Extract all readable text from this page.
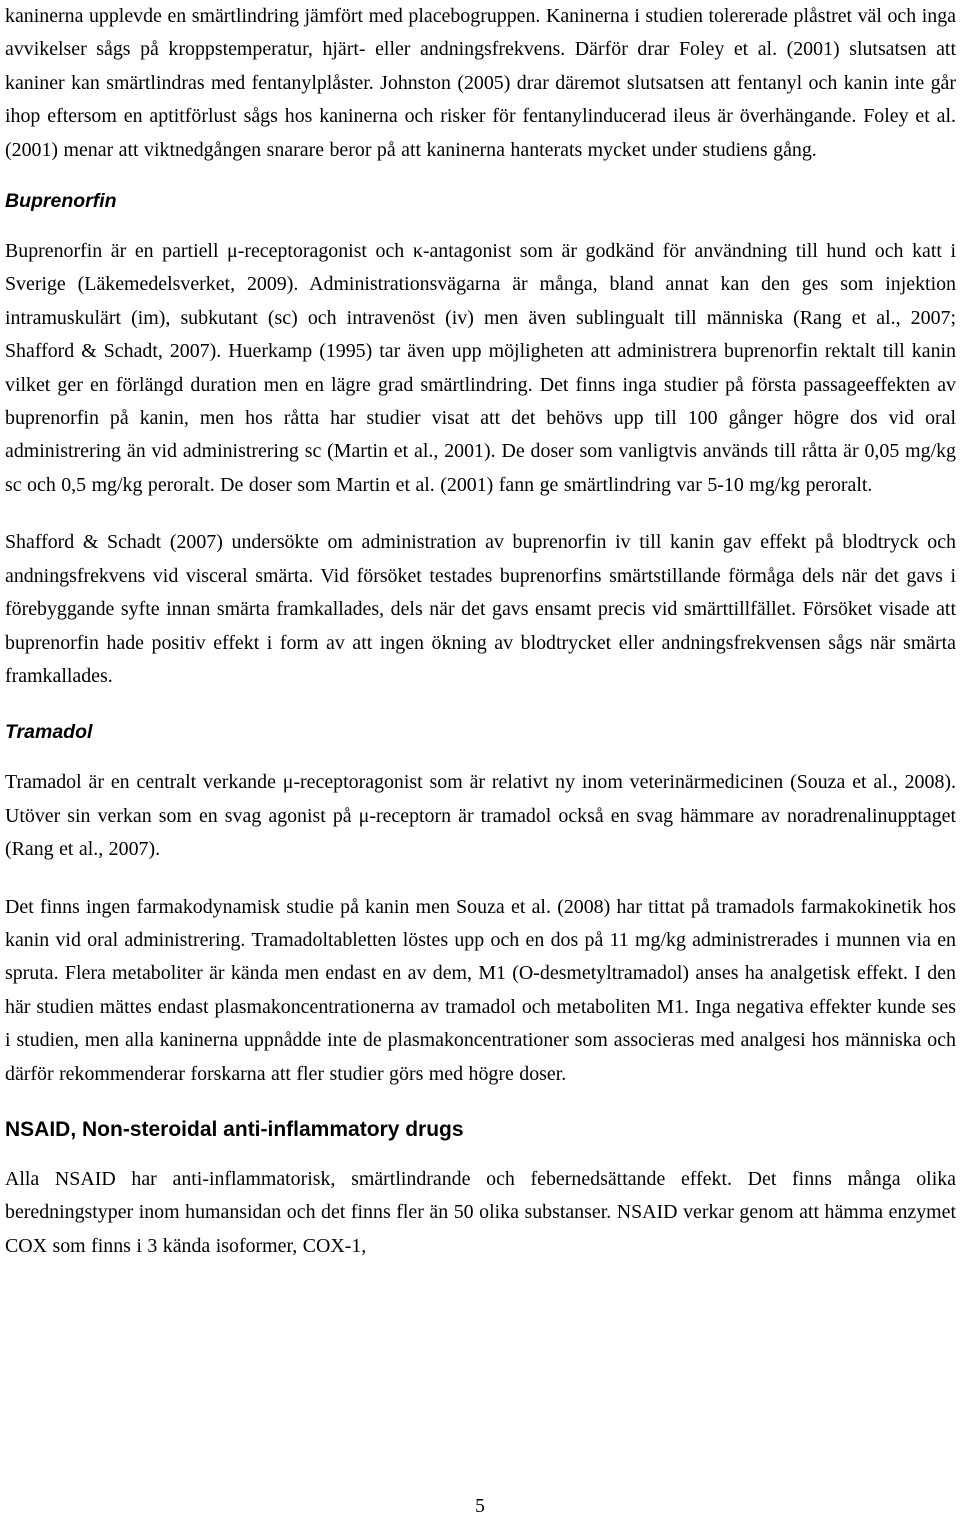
kaninerna upplevde en smärtlindring jämfört med placebogruppen. Kaninerna i studien tolererade plåstret väl och inga avvikelser sågs på kroppstemperatur, hjärt- eller andningsfrekvens. Därför drar Foley et al. (2001) slutsatsen att kaniner kan smärtlindras med fentanylplåster. Johnston (2005) drar däremot slutsatsen att fentanyl och kanin inte går ihop eftersom en aptitförlust sågs hos kaninerna och risker för fentanylinducerad ileus är överhängande. Foley et al. (2001) menar att viktnedgången snarare beror på att kaninerna hanterats mycket under studiens gång.

Buprenorfin

Buprenorfin är en partiell μ-receptoragonist och κ-antagonist som är godkänd för användning till hund och katt i Sverige (Läkemedelsverket, 2009). Administrationsvägarna är många, bland annat kan den ges som injektion intramuskulärt (im), subkutant (sc) och intravenöst (iv) men även sublingualt till människa (Rang et al., 2007; Shafford & Schadt, 2007). Huerkamp (1995) tar även upp möjligheten att administrera buprenorfin rektalt till kanin vilket ger en förlängd duration men en lägre grad smärtlindring. Det finns inga studier på första passageeffekten av buprenorfin på kanin, men hos råtta har studier visat att det behövs upp till 100 gånger högre dos vid oral administrering än vid administrering sc (Martin et al., 2001). De doser som vanligtvis används till råtta är 0,05 mg/kg sc och 0,5 mg/kg peroralt. De doser som Martin et al. (2001) fann ge smärtlindring var 5-10 mg/kg peroralt.

Shafford & Schadt (2007) undersökte om administration av buprenorfin iv till kanin gav effekt på blodtryck och andningsfrekvens vid visceral smärta. Vid försöket testades buprenorfins smärtstillande förmåga dels när det gavs i förebyggande syfte innan smärta framkallades, dels när det gavs ensamt precis vid smärttillfället. Försöket visade att buprenorfin hade positiv effekt i form av att ingen ökning av blodtrycket eller andningsfrekvensen sågs när smärta framkallades.

Tramadol

Tramadol är en centralt verkande μ-receptoragonist som är relativt ny inom veterinärmedicinen (Souza et al., 2008). Utöver sin verkan som en svag agonist på μ-receptorn är tramadol också en svag hämmare av noradrenalinupptaget (Rang et al., 2007).

Det finns ingen farmakodynamisk studie på kanin men Souza et al. (2008) har tittat på tramadols farmakokinetik hos kanin vid oral administrering. Tramadoltabletten löstes upp och en dos på 11 mg/kg administrerades i munnen via en spruta. Flera metaboliter är kända men endast en av dem, M1 (O-desmetyltramadol) anses ha analgetisk effekt. I den här studien mättes endast plasmakoncentrationerna av tramadol och metaboliten M1. Inga negativa effekter kunde ses i studien, men alla kaninerna uppnådde inte de plasmakoncentrationer som associeras med analgesi hos människa och därför rekommenderar forskarna att fler studier görs med högre doser.

NSAID, Non-steroidal anti-inflammatory drugs

Alla NSAID har anti-inflammatorisk, smärtlindrande och febernedsättande effekt. Det finns många olika beredningstyper inom humansidan och det finns fler än 50 olika substanser. NSAID verkar genom att hämma enzymet COX som finns i 3 kända isoformer, COX-1,

5
